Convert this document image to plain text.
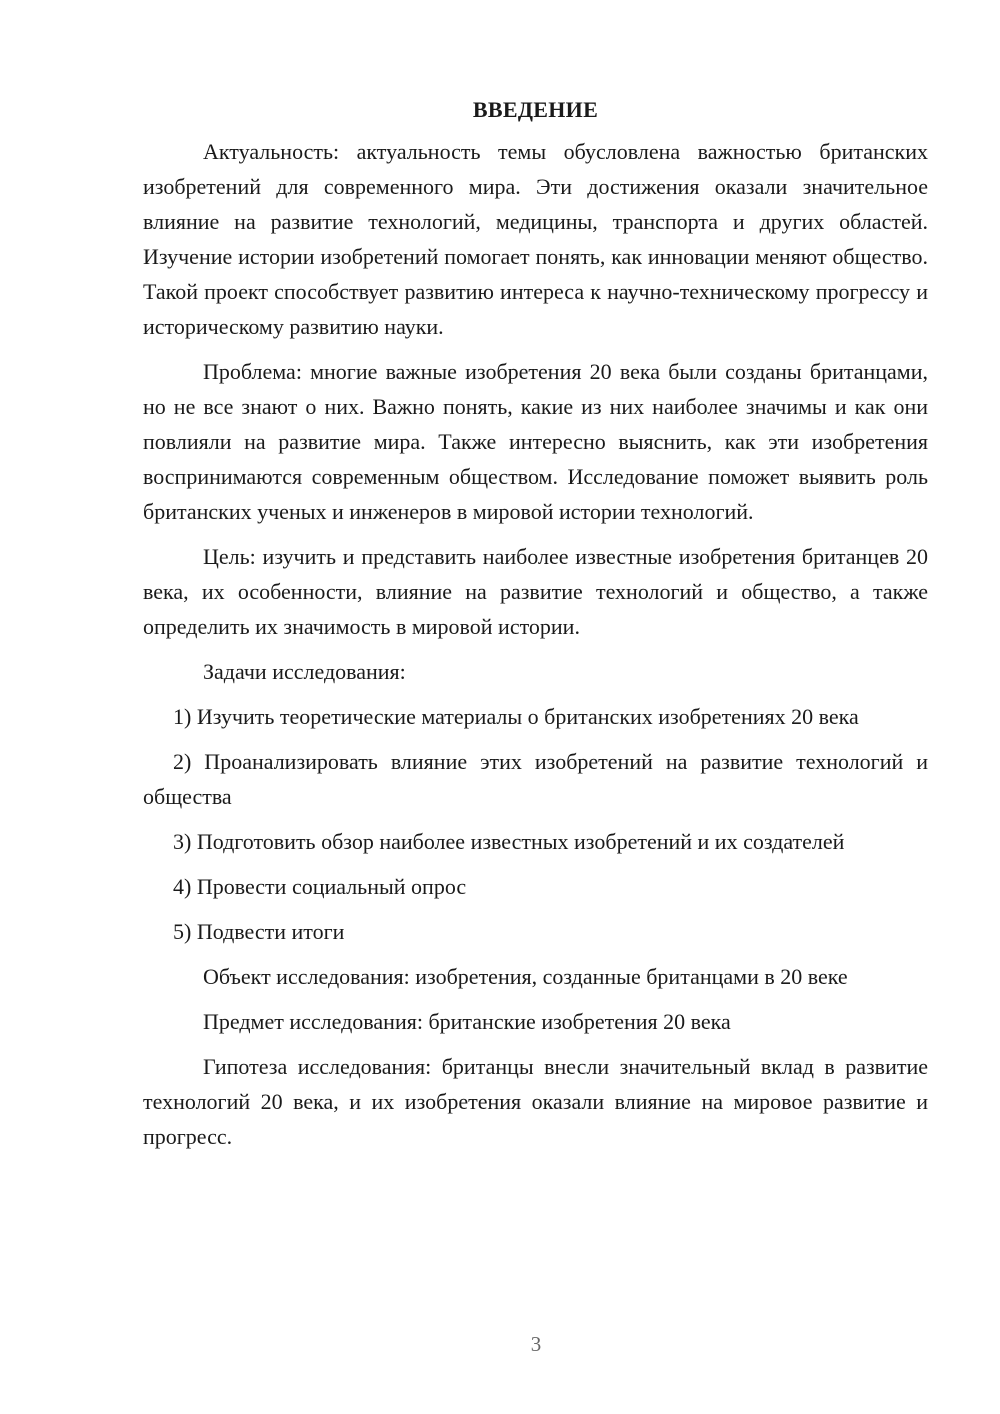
ВВЕДЕНИЕ

Актуальность: актуальность темы обусловлена важностью британских изобретений для современного мира. Эти достижения оказали значительное влияние на развитие технологий, медицины, транспорта и других областей. Изучение истории изобретений помогает понять, как инновации меняют общество. Такой проект способствует развитию интереса к научно-техническому прогрессу и историческому развитию науки.

Проблема: многие важные изобретения 20 века были созданы британцами, но не все знают о них. Важно понять, какие из них наиболее значимы и как они повлияли на развитие мира. Также интересно выяснить, как эти изобретения воспринимаются современным обществом. Исследование поможет выявить роль британских ученых и инженеров в мировой истории технологий.

Цель: изучить и представить наиболее известные изобретения британцев 20 века, их особенности, влияние на развитие технологий и общество, а также определить их значимость в мировой истории.

Задачи исследования:

1) Изучить теоретические материалы о британских изобретениях 20 века

2) Проанализировать влияние этих изобретений на развитие технологий и общества

3) Подготовить обзор наиболее известных изобретений и их создателей

4) Провести социальный опрос

5) Подвести итоги

Объект исследования: изобретения, созданные британцами в 20 веке

Предмет исследования: британские изобретения 20 века

Гипотеза исследования: британцы внесли значительный вклад в развитие технологий 20 века, и их изобретения оказали влияние на мировое развитие и прогресс.

3
